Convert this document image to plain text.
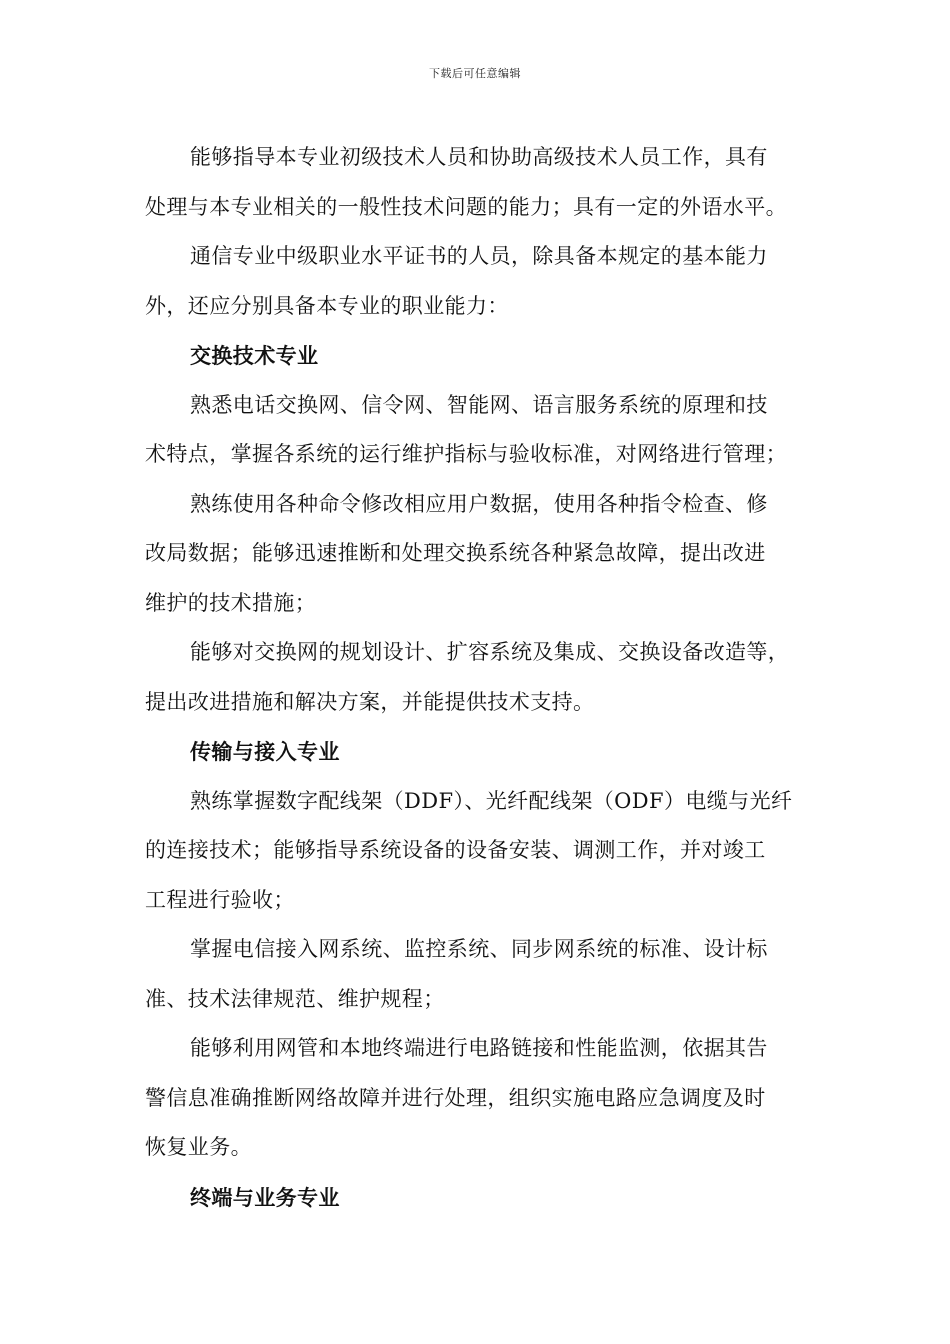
下载后可任意编辑
能够指导本专业初级技术人员和协助高级技术人员工作，具有
处理与本专业相关的一般性技术问题的能力；具有一定的外语水平。
通信专业中级职业水平证书的人员，除具备本规定的基本能力
外，还应分别具备本专业的职业能力：
交换技术专业
熟悉电话交换网、信令网、智能网、语言服务系统的原理和技
术特点，掌握各系统的运行维护指标与验收标准，对网络进行管理；
熟练使用各种命令修改相应用户数据，使用各种指令检查、修
改局数据；能够迅速推断和处理交换系统各种紧急故障，提出改进
维护的技术措施；
能够对交换网的规划设计、扩容系统及集成、交换设备改造等，
提出改进措施和解决方案，并能提供技术支持。
传输与接入专业
熟练掌握数字配线架（DDF）、光纤配线架（ODF）电缆与光纤
的连接技术；能够指导系统设备的设备安装、调测工作，并对竣工
工程进行验收；
掌握电信接入网系统、监控系统、同步网系统的标准、设计标
准、技术法律规范、维护规程；
能够利用网管和本地终端进行电路链接和性能监测，依据其告
警信息准确推断网络故障并进行处理，组织实施电路应急调度及时
恢复业务。
终端与业务专业
